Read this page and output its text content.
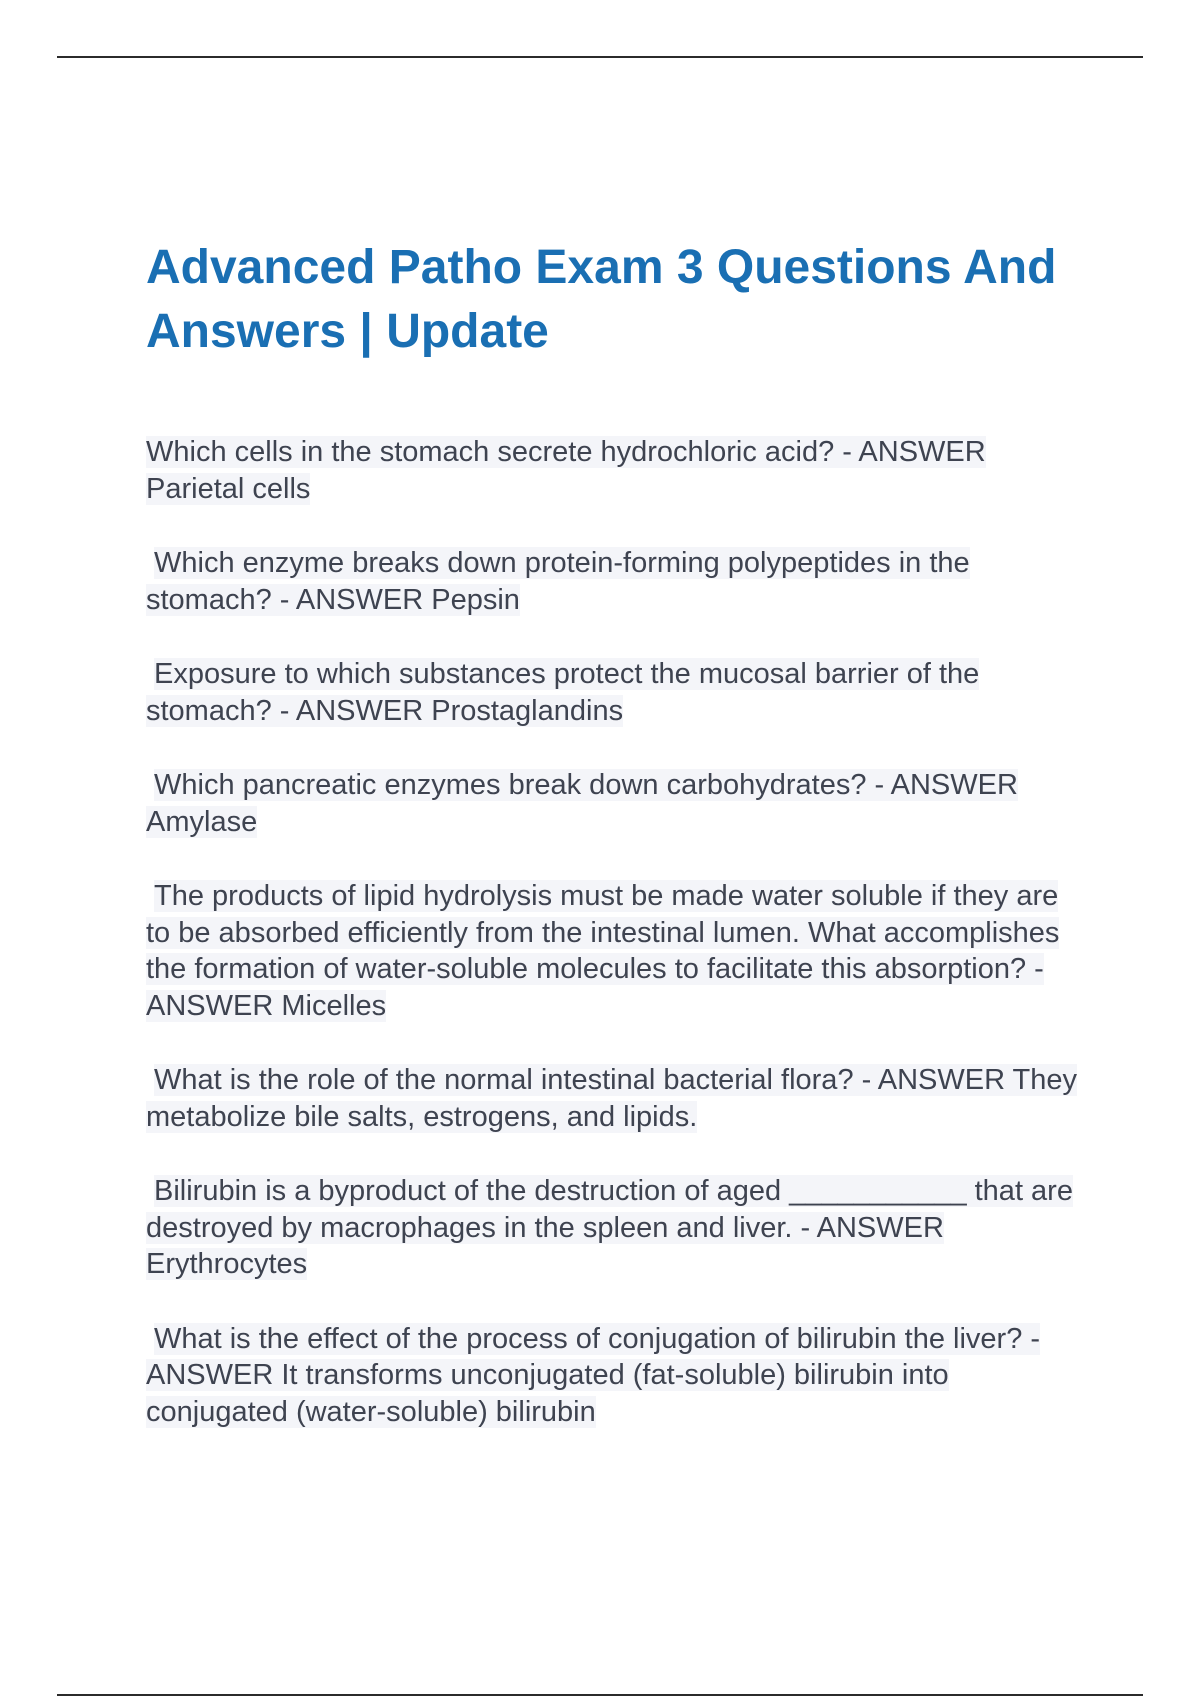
Advanced Patho Exam 3 Questions And Answers | Update

Which cells in the stomach secrete hydrochloric acid? - ANSWER Parietal cells

Which enzyme breaks down protein-forming polypeptides in the stomach? - ANSWER Pepsin

Exposure to which substances protect the mucosal barrier of the stomach? - ANSWER Prostaglandins

Which pancreatic enzymes break down carbohydrates? - ANSWER Amylase

The products of lipid hydrolysis must be made water soluble if they are to be absorbed efficiently from the intestinal lumen. What accomplishes the formation of water-soluble molecules to facilitate this absorption? - ANSWER Micelles

What is the role of the normal intestinal bacterial flora? - ANSWER They metabolize bile salts, estrogens, and lipids.

Bilirubin is a byproduct of the destruction of aged ___________ that are destroyed by macrophages in the spleen and liver. - ANSWER Erythrocytes

What is the effect of the process of conjugation of bilirubin the liver? - ANSWER It transforms unconjugated (fat-soluble) bilirubin into conjugated (water-soluble) bilirubin
